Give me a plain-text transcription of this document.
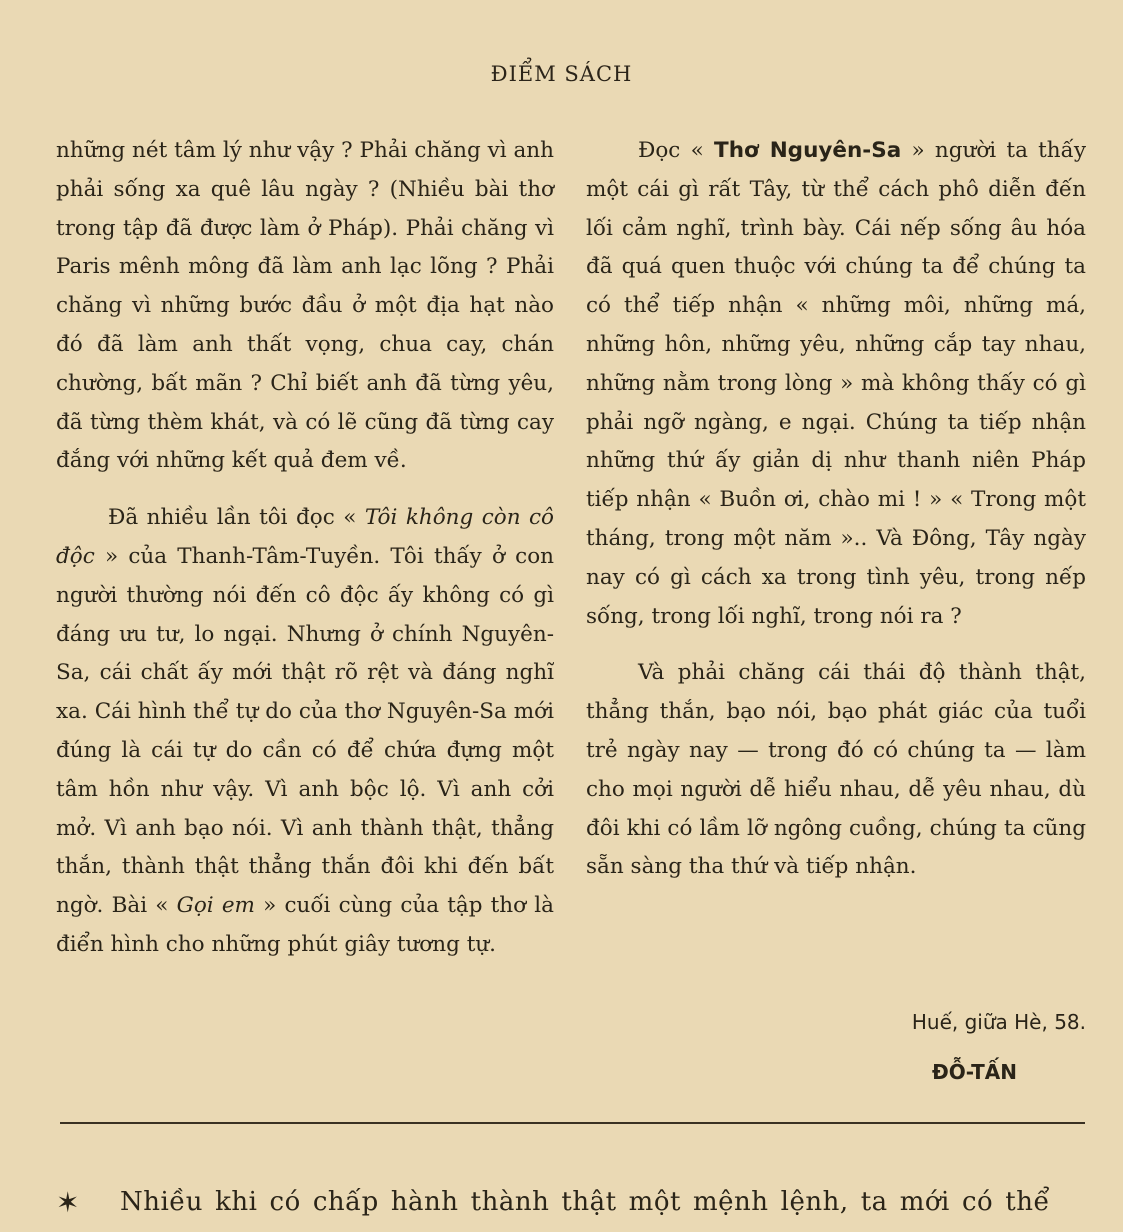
ĐIỂM SÁCH

những nét tâm lý như vậy ? Phải chăng vì anh phải sống xa quê lâu ngày ? (Nhiều bài thơ trong tập đã được làm ở Pháp). Phải chăng vì Paris mênh mông đã làm anh lạc lõng ? Phải chăng vì những bước đầu ở một địa hạt nào đó đã làm anh thất vọng, chua cay, chán chường, bất mãn ? Chỉ biết anh đã từng yêu, đã từng thèm khát, và có lẽ cũng đã từng cay đắng với những kết quả đem về.

Đã nhiều lần tôi đọc « Tôi không còn cô độc » của Thanh-Tâm-Tuyền. Tôi thấy ở con người thường nói đến cô độc ấy không có gì đáng ưu tư, lo ngại. Nhưng ở chính Nguyên-Sa, cái chất ấy mới thật rõ rệt và đáng nghĩ xa. Cái hình thể tự do của thơ Nguyên-Sa mới đúng là cái tự do cần có để chứa đựng một tâm hồn như vậy. Vì anh bộc lộ. Vì anh cởi mở. Vì anh bạo nói. Vì anh thành thật, thẳng thắn, thành thật thẳng thắn đôi khi đến bất ngờ. Bài « Gọi em » cuối cùng của tập thơ là điển hình cho những phút giây tương tự.

Đọc « Thơ Nguyên-Sa » người ta thấy một cái gì rất Tây, từ thể cách phô diễn đến lối cảm nghĩ, trình bày. Cái nếp sống âu hóa đã quá quen thuộc với chúng ta để chúng ta có thể tiếp nhận « những môi, những má, những hôn, những yêu, những cắp tay nhau, những nằm trong lòng » mà không thấy có gì phải ngỡ ngàng, e ngại. Chúng ta tiếp nhận những thứ ấy giản dị như thanh niên Pháp tiếp nhận « Buồn ơi, chào mi ! » « Trong một tháng, trong một năm ».. Và Đông, Tây ngày nay có gì cách xa trong tình yêu, trong nếp sống, trong lối nghĩ, trong nói ra ?

Và phải chăng cái thái độ thành thật, thẳng thắn, bạo nói, bạo phát giác của tuổi trẻ ngày nay — trong đó có chúng ta — làm cho mọi người dễ hiểu nhau, dễ yêu nhau, dù đôi khi có lầm lỡ ngông cuồng, chúng ta cũng sẵn sàng tha thứ và tiếp nhận.

Huế, giữa Hè, 58.
ĐỖ-TẤN
✶ Nhiều khi có chấp hành thành thật một mệnh lệnh, ta mới có thể
